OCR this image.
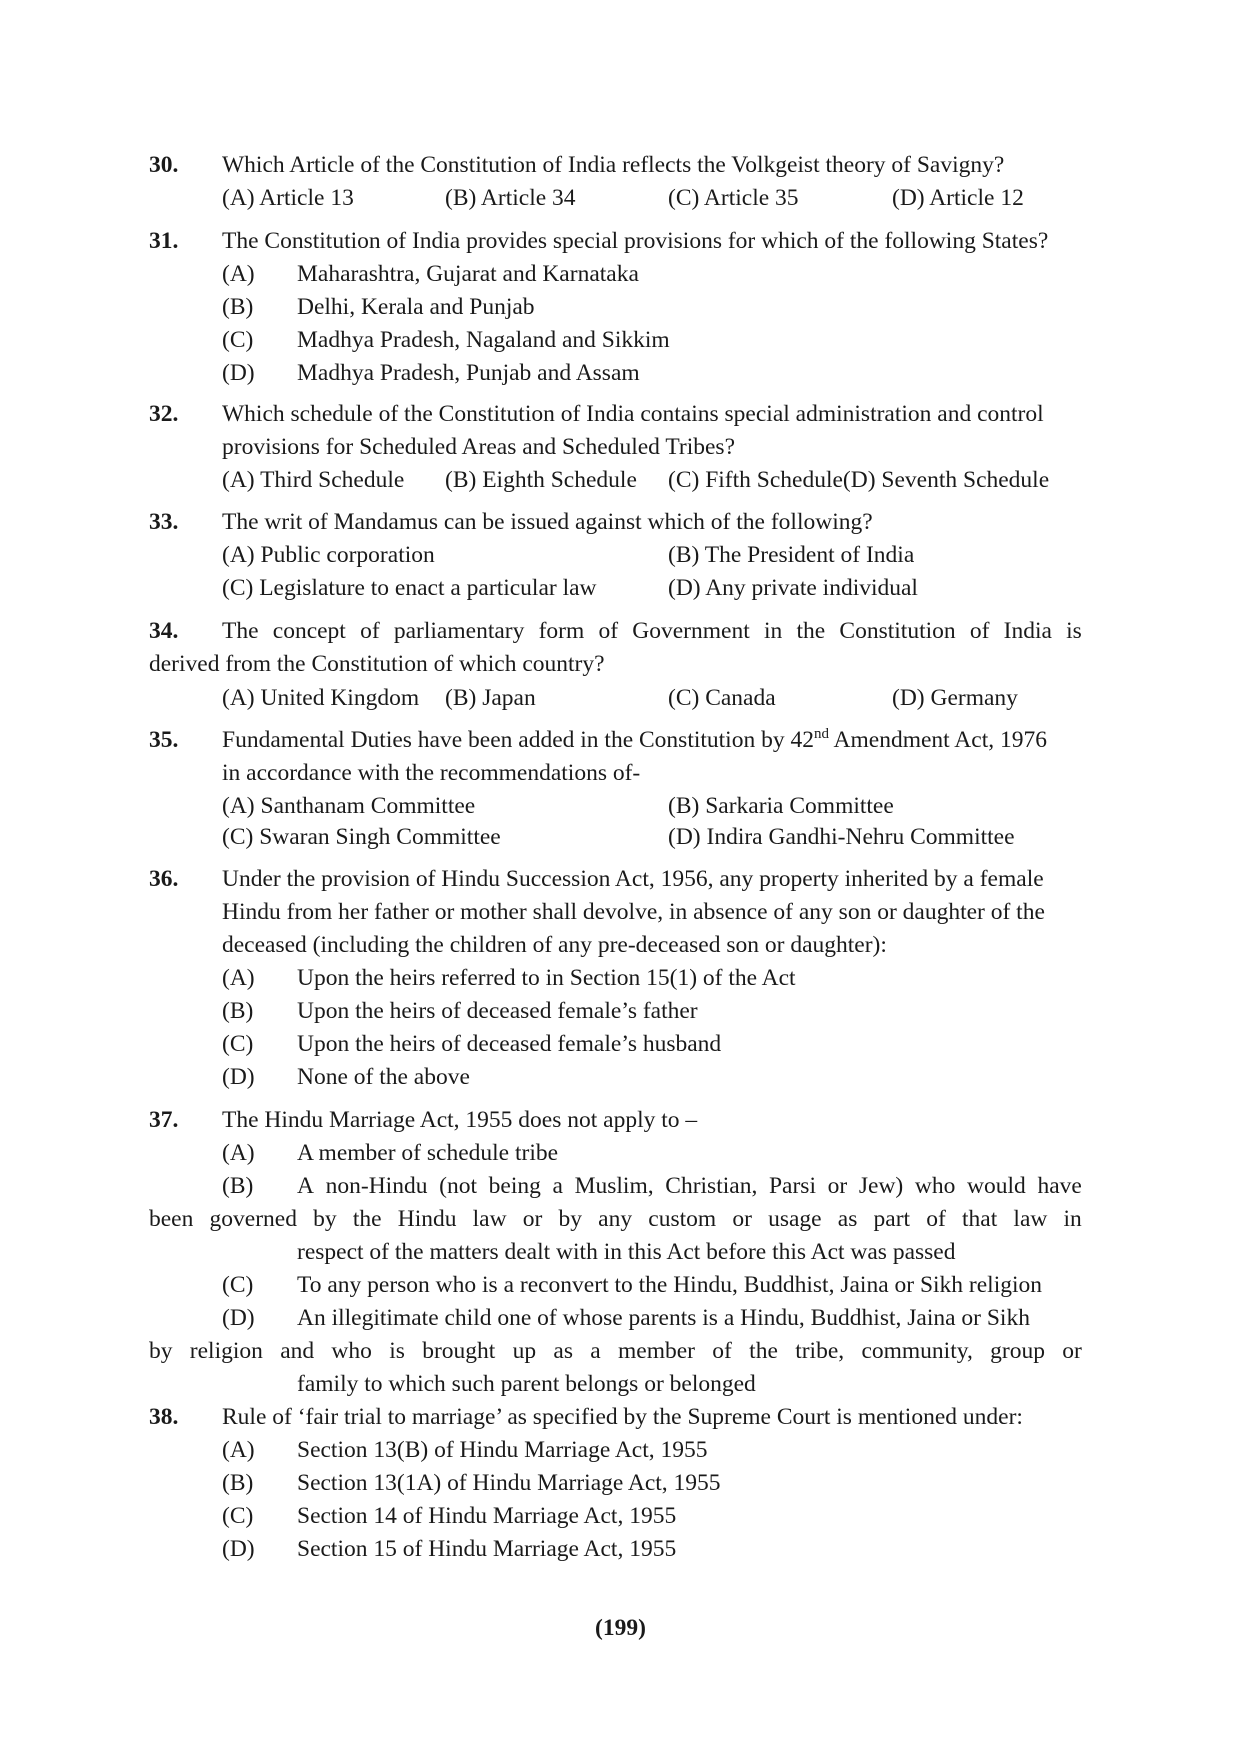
30. Which Article of the Constitution of India reflects the Volkgeist theory of Savigny?
(A) Article 13	(B) Article 34	(C) Article 35	(D) Article 12
31. The Constitution of India provides special provisions for which of the following States?
(A) Maharashtra, Gujarat and Karnataka
(B) Delhi, Kerala and Punjab
(C) Madhya Pradesh, Nagaland and Sikkim
(D) Madhya Pradesh, Punjab and Assam
32. Which schedule of the Constitution of India contains special administration and control
provisions for Scheduled Areas and Scheduled Tribes?
(A) Third Schedule (B) Eighth Schedule (C) Fifth Schedule(D) Seventh Schedule
33. The writ of Mandamus can be issued against which of the following?
(A) Public corporation	(B) The President of India
(C) Legislature to enact a particular law	(D) Any private individual
34. The concept of parliamentary form of Government in the Constitution of India is
derived from the Constitution of which country?
(A) United Kingdom (B) Japan	(C) Canada	(D) Germany
35. Fundamental Duties have been added in the Constitution by 42nd Amendment Act, 1976
in accordance with the recommendations of-
(A) Santhanam Committee	(B) Sarkaria Committee
(C) Swaran Singh Committee	(D) Indira Gandhi-Nehru Committee
36. Under the provision of Hindu Succession Act, 1956, any property inherited by a female
Hindu from her father or mother shall devolve, in absence of any son or daughter of the
deceased (including the children of any pre-deceased son or daughter):
(A) Upon the heirs referred to in Section 15(1) of the Act
(B) Upon the heirs of deceased female’s father
(C) Upon the heirs of deceased female’s husband
(D) None of the above
37. The Hindu Marriage Act, 1955 does not apply to –
(A) A member of schedule tribe
(B) A non-Hindu (not being a Muslim, Christian, Parsi or Jew) who would have
been governed by the Hindu law or by any custom or usage as part of that law in
respect of the matters dealt with in this Act before this Act was passed
(C) To any person who is a reconvert to the Hindu, Buddhist, Jaina or Sikh religion
(D) An illegitimate child one of whose parents is a Hindu, Buddhist, Jaina or Sikh
by religion and who is brought up as a member of the tribe, community, group or
family to which such parent belongs or belonged
38. Rule of ‘fair trial to marriage’ as specified by the Supreme Court is mentioned under:
(A) Section 13(B) of Hindu Marriage Act, 1955
(B) Section 13(1A) of Hindu Marriage Act, 1955
(C) Section 14 of Hindu Marriage Act, 1955
(D) Section 15 of Hindu Marriage Act, 1955
(199)
